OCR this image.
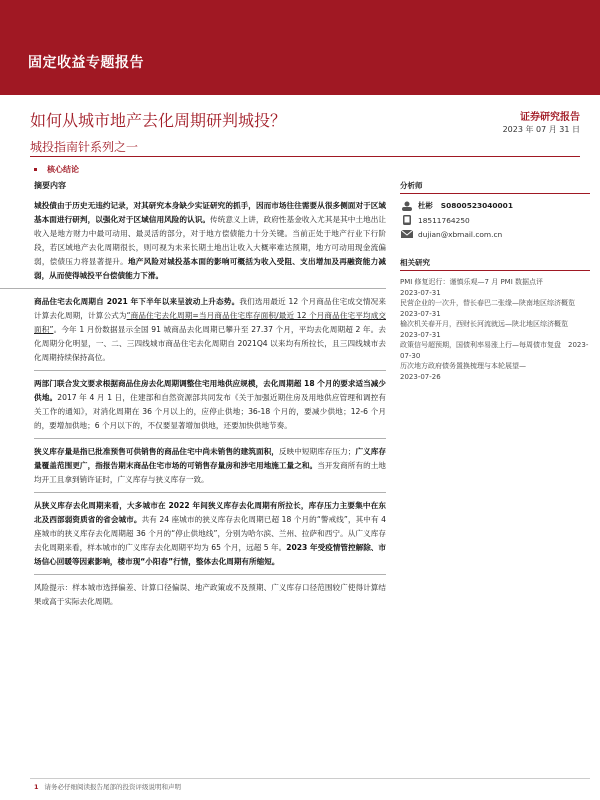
固定收益专题报告
如何从城市地产去化周期研判城投？
城投指南针系列之一
证券研究报告
2023 年 07 月 31 日
核心结论
摘要内容
城投债由于历史无违约记录，对其研究本身缺少实证研究的抓手，因而市场往往需要从很多侧面对于区域基本面进行研判，以强化对于区域信用风险的认识。传统意义上讲，政府性基金收入尤其是其中土地出让收入是地方财力中最可动用、最灵活的部分，对于地方偿债能力十分关键。当前正处于地产行业下行阶段，若区域地产去化周期很长，则可视为未来长期土地出让收入大概率难达预期，地方可动用现金流偏弱，偿债压力将显著提升。地产风险对城投基本面的影响可概括为收入受阻、支出增加及再融资能力减弱，从而使得城投平台偿债能力下滑。
商品住宅去化周期自 2021 年下半年以来呈波动上升态势。我们选用最近 12 个月商品住宅成交情况来计算去化周期，计算公式为“商品住宅去化周期=当月商品住宅库存面积/最近 12 个月商品住宅平均成交面积”。今年 1 月份数据显示全国 91 城商品去化周期已攀升至 27.37 个月，平均去化周期超 2 年。去化周期分化明显，一、二、三四线城市商品住宅去化周期自 2021Q4 以来均有所拉长，且三四线城市去化周期持续保持高位。
两部门联合发文要求根据商品住房去化周期调整住宅用地供应规模，去化周期超 18 个月的要求适当减少供地。2017 年 4 月 1 日，住建部和自然资源部共同发布《关于加强近期住房及用地供应管理和调控有关工作的通知》，对消化周期在 36 个月以上的，应停止供地；36-18 个月的，要减少供地；12-6 个月的，要增加供地；6 个月以下的，不仅要显著增加供地，还要加快供地节奏。
狭义库存量是指已批准预售可供销售的商品住宅中尚未销售的建筑面积，反映中短期库存压力；广义库存量覆盖范围更广，指报告期末商品住宅市场的可销售存量房和涉宅用地施工量之和。当开发商所有的土地均开工且拿到销许证时，广义库存与狭义库存一致。
从狭义库存去化周期来看，大多城市在 2022 年间狭义库存去化周期有所拉长，库存压力主要集中在东北及西部弱资质省的省会城市。共有 24 座城市的狭义库存去化周期已超 18 个月的“警戒线”，其中有 4 座城市的狭义库存去化周期超 36 个月的“停止供地线”，分别为哈尔滨、兰州、拉萨和西宁。从广义库存去化周期来看，样本城市的广义库存去化周期平均为 65 个月，远超 5 年。2023 年受疫情管控解除、市场信心回暖等因素影响，楼市现“小阳春”行情，整体去化周期有所缩短。
风险提示：样本城市选择偏差、计算口径偏误、地产政策或不及预期、广义库存口径范围较广使得计算结果或高于实际去化周期。
分析师
杜彬 S0800523040001
18511764250
dujian@xbmail.com.cn
相关研究
PMI 修复迟行：谨慎乐观—7 月 PMI 数据点评
2023-07-31
民营企业的一次升，替长春巴二张缘—陕南地区综济概览　2023-07-31
榆次机关春开月，西财长河流就远—陕北地区综济概览　2023-07-31
政策信号超预期，国债利率易涨上行—每周债市复盘　2023-07-30
历次地方政府债务置换梳理与本轮展望—
2023-07-26
1 请务必仔细阅读报告尾部的投资评级说明和声明
